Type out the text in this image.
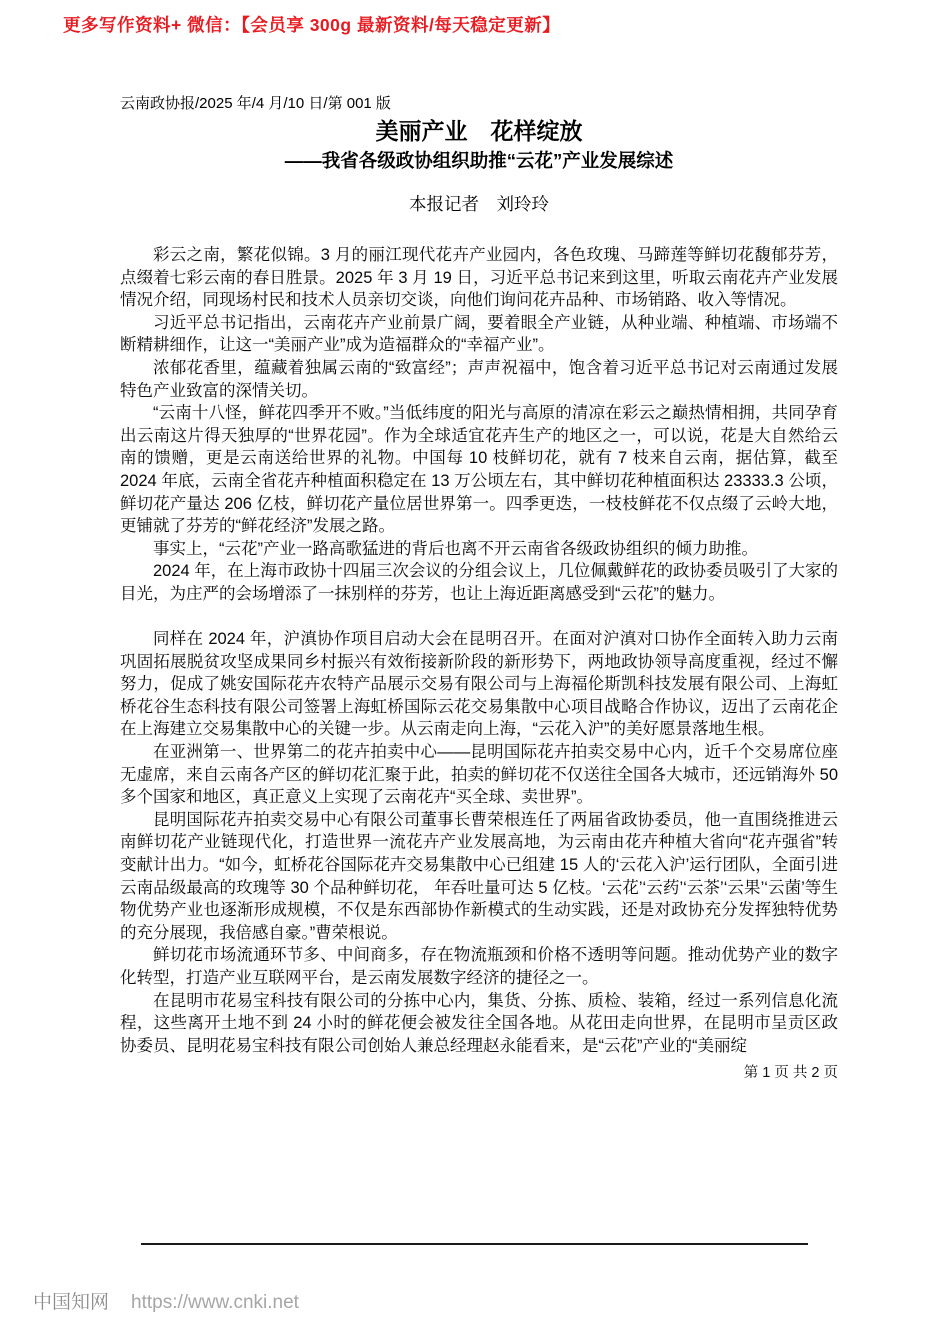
更多写作资料+ 微信：【会员享 300g 最新资料/每天稳定更新】
云南政协报/2025 年/4 月/10 日/第 001 版
美丽产业　花样绽放
——我省各级政协组织助推“云花”产业发展综述
本报记者　刘玲玲

彩云之南，繁花似锦。3 月的丽江现代花卉产业园内，各色玫瑰、马蹄莲等鲜切花馥郁芬芳，点缀着七彩云南的春日胜景。2025 年 3 月 19 日，习近平总书记来到这里，听取云南花卉产业发展情况介绍，同现场村民和技术人员亲切交谈，向他们询问花卉品种、市场销路、收入等情况。

习近平总书记指出，云南花卉产业前景广阔，要着眼全产业链，从种业端、种植端、市场端不断精耕细作，让这一“美丽产业”成为造福群众的“幸福产业”。

浓郁花香里，蕴藏着独属云南的“致富经”；声声祝福中，饱含着习近平总书记对云南通过发展特色产业致富的深情关切。

“云南十八怪，鲜花四季开不败。”当低纬度的阳光与高原的清凉在彩云之巅热情相拥，共同孕育出云南这片得天独厚的“世界花园”。作为全球适宜花卉生产的地区之一，可以说，花是大自然给云南的馈赠，更是云南送给世界的礼物。中国每 10 枝鲜切花，就有 7 枝来自云南，据估算，截至 2024 年底，云南全省花卉种植面积稳定在 13 万公顷左右，其中鲜切花种植面积达 23333.3 公顷，鲜切花产量达 206 亿枝，鲜切花产量位居世界第一。四季更迭，一枝枝鲜花不仅点缀了云岭大地，更铺就了芬芳的“鲜花经济”发展之路。

事实上，“云花”产业一路高歌猛进的背后也离不开云南省各级政协组织的倾力助推。

2024 年，在上海市政协十四届三次会议的分组会议上，几位佩戴鲜花的政协委员吸引了大家的目光，为庄严的会场增添了一抹别样的芬芳，也让上海近距离感受到“云花”的魅力。

同样在 2024 年，沪滇协作项目启动大会在昆明召开。在面对沪滇对口协作全面转入助力云南巩固拓展脱贫攻坚成果同乡村振兴有效衔接新阶段的新形势下，两地政协领导高度重视，经过不懈努力，促成了姚安国际花卉农特产品展示交易有限公司与上海福伦斯凯科技发展有限公司、上海虹桥花谷生态科技有限公司签署上海虹桥国际云花交易集散中心项目战略合作协议，迈出了云南花企在上海建立交易集散中心的关键一步。从云南走向上海，“云花入沪”的美好愿景落地生根。

在亚洲第一、世界第二的花卉拍卖中心——昆明国际花卉拍卖交易中心内，近千个交易席位座无虚席，来自云南各产区的鲜切花汇聚于此，拍卖的鲜切花不仅送往全国各大城市，还远销海外 50 多个国家和地区，真正意义上实现了云南花卉“买全球、卖世界”。

昆明国际花卉拍卖交易中心有限公司董事长曹荣根连任了两届省政协委员，他一直围绕推进云南鲜切花产业链现代化，打造世界一流花卉产业发展高地，为云南由花卉种植大省向“花卉强省”转变献计出力。“如今，虹桥花谷国际花卉交易集散中心已组建 15 人的‘云花入沪’运行团队，全面引进云南品级最高的玫瑰等 30 个品种鲜切花， 年吞吐量可达 5 亿枝。‘云花’‘云药’‘云茶’‘云果’‘云菌’等生物优势产业也逐渐形成规模，不仅是东西部协作新模式的生动实践，还是对政协充分发挥独特优势的充分展现，我倍感自豪。”曹荣根说。

鲜切花市场流通环节多、中间商多，存在物流瓶颈和价格不透明等问题。推动优势产业的数字化转型，打造产业互联网平台，是云南发展数字经济的捷径之一。

在昆明市花易宝科技有限公司的分拣中心内，集货、分拣、质检、装箱，经过一系列信息化流程，这些离开土地不到 24 小时的鲜花便会被发往全国各地。从花田走向世界，在昆明市呈贡区政协委员、昆明花易宝科技有限公司创始人兼总经理赵永能看来，是“云花”产业的“美丽绽

第 1 页 共 2 页
中国知网 https://www.cnki.net
